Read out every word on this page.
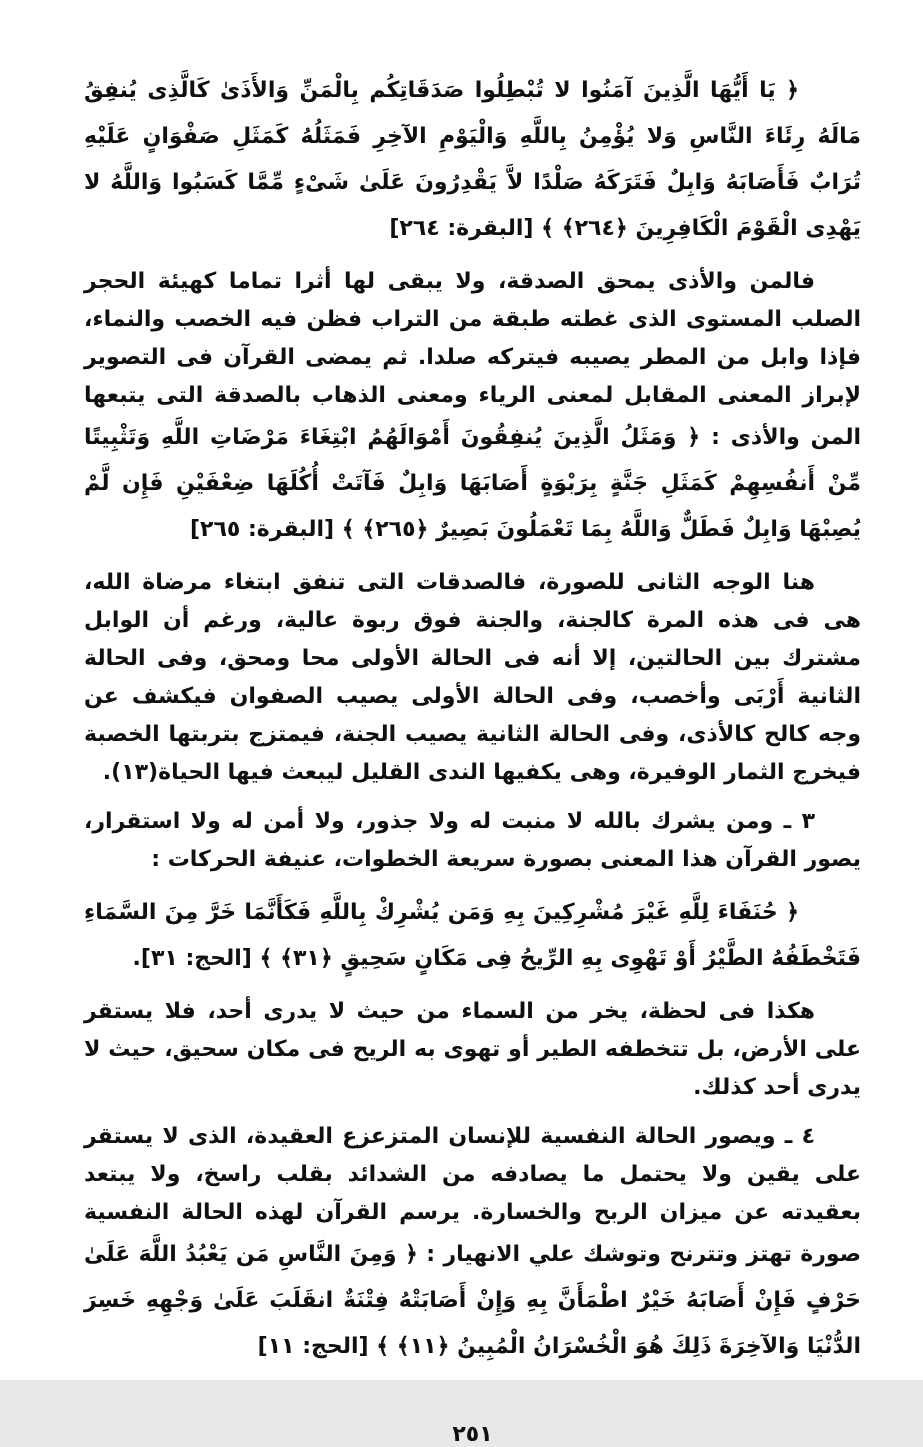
﴿ يَا أَيُّهَا الَّذِينَ آمَنُوا لا تُبْطِلُوا صَدَقَاتِكُم بِالْمَنِّ وَالأَذَىٰ كَالَّذِى يُنفِقُ مَالَهُ رِئَاءَ النَّاسِ وَلا يُؤْمِنُ بِاللَّهِ وَالْيَوْمِ الآخِرِ فَمَثَلُهُ كَمَثَلِ صَفْوَانٍ عَلَيْهِ تُرَابٌ فَأَصَابَهُ وَابِلٌ فَتَرَكَهُ صَلْدًا لاَّ يَقْدِرُونَ عَلَىٰ شَىْءٍ مِّمَّا كَسَبُوا وَاللَّهُ لا يَهْدِى الْقَوْمَ الْكَافِرِينَ ﴿٢٦٤﴾ ﴾ [البقرة: ٢٦٤]

فالمن والأذى يمحق الصدقة، ولا يبقى لها أثرا تماما كهيئة الحجر الصلب المستوى الذى غطته طبقة من التراب فظن فيه الخصب والنماء، فإذا وابل من المطر يصيبه فيتركه صلدا. ثم يمضى القرآن فى التصوير لإبراز المعنى المقابل لمعنى الرياء ومعنى الذهاب بالصدقة التى يتبعها المن والأذى : ﴿ وَمَثَلُ الَّذِينَ يُنفِقُونَ أَمْوَالَهُمُ ابْتِغَاءَ مَرْضَاتِ اللَّهِ وَتَثْبِيتًا مِّنْ أَنفُسِهِمْ كَمَثَلِ جَنَّةٍ بِرَبْوَةٍ أَصَابَهَا وَابِلٌ فَآتَتْ أُكُلَهَا ضِعْفَيْنِ فَإِن لَّمْ يُصِبْهَا وَابِلٌ فَطَلٌّ وَاللَّهُ بِمَا تَعْمَلُونَ بَصِيرٌ ﴿٢٦٥﴾ ﴾ [البقرة: ٢٦٥]

هنا الوجه الثانى للصورة، فالصدقات التى تنفق ابتغاء مرضاة الله، هى فى هذه المرة كالجنة، والجنة فوق ربوة عالية، ورغم أن الوابل مشترك بين الحالتين، إلا أنه فى الحالة الأولى محا ومحق، وفى الحالة الثانية أَرْبَى وأخصب، وفى الحالة الأولى يصيب الصفوان فيكشف عن وجه كالح كالأذى، وفى الحالة الثانية يصيب الجنة، فيمتزج بتربتها الخصبة فيخرج الثمار الوفيرة، وهى يكفيها الندى القليل ليبعث فيها الحياة(١٣).

٣ ـ ومن يشرك بالله لا منبت له ولا جذور، ولا أمن له ولا استقرار، يصور القرآن هذا المعنى بصورة سريعة الخطوات، عنيفة الحركات :

﴿ حُنَفَاءَ لِلَّهِ غَيْرَ مُشْرِكِينَ بِهِ وَمَن يُشْرِكْ بِاللَّهِ فَكَأَنَّمَا خَرَّ مِنَ السَّمَاءِ فَتَخْطَفُهُ الطَّيْرُ أَوْ تَهْوِى بِهِ الرِّيحُ فِى مَكَانٍ سَحِيقٍ ﴿٣١﴾ ﴾ [الحج: ٣١].

هكذا فى لحظة، يخر من السماء من حيث لا يدرى أحد، فلا يستقر على الأرض، بل تتخطفه الطير أو تهوى به الريح فى مكان سحيق، حيث لا يدرى أحد كذلك.

٤ ـ ويصور الحالة النفسية للإنسان المتزعزع العقيدة، الذى لا يستقر على يقين ولا يحتمل ما يصادفه من الشدائد بقلب راسخ، ولا يبتعد بعقيدته عن ميزان الربح والخسارة. يرسم القرآن لهذه الحالة النفسية صورة تهتز وتترنح وتوشك علي الانهيار : ﴿ وَمِنَ النَّاسِ مَن يَعْبُدُ اللَّهَ عَلَىٰ حَرْفٍ فَإِنْ أَصَابَهُ خَيْرٌ اطْمَأَنَّ بِهِ وَإِنْ أَصَابَتْهُ فِتْنَةٌ انقَلَبَ عَلَىٰ وَجْهِهِ خَسِرَ الدُّنْيَا وَالآخِرَةَ ذَلِكَ هُوَ الْخُسْرَانُ الْمُبِينُ ﴿١١﴾ ﴾ [الحج: ١١]

٢٥١
